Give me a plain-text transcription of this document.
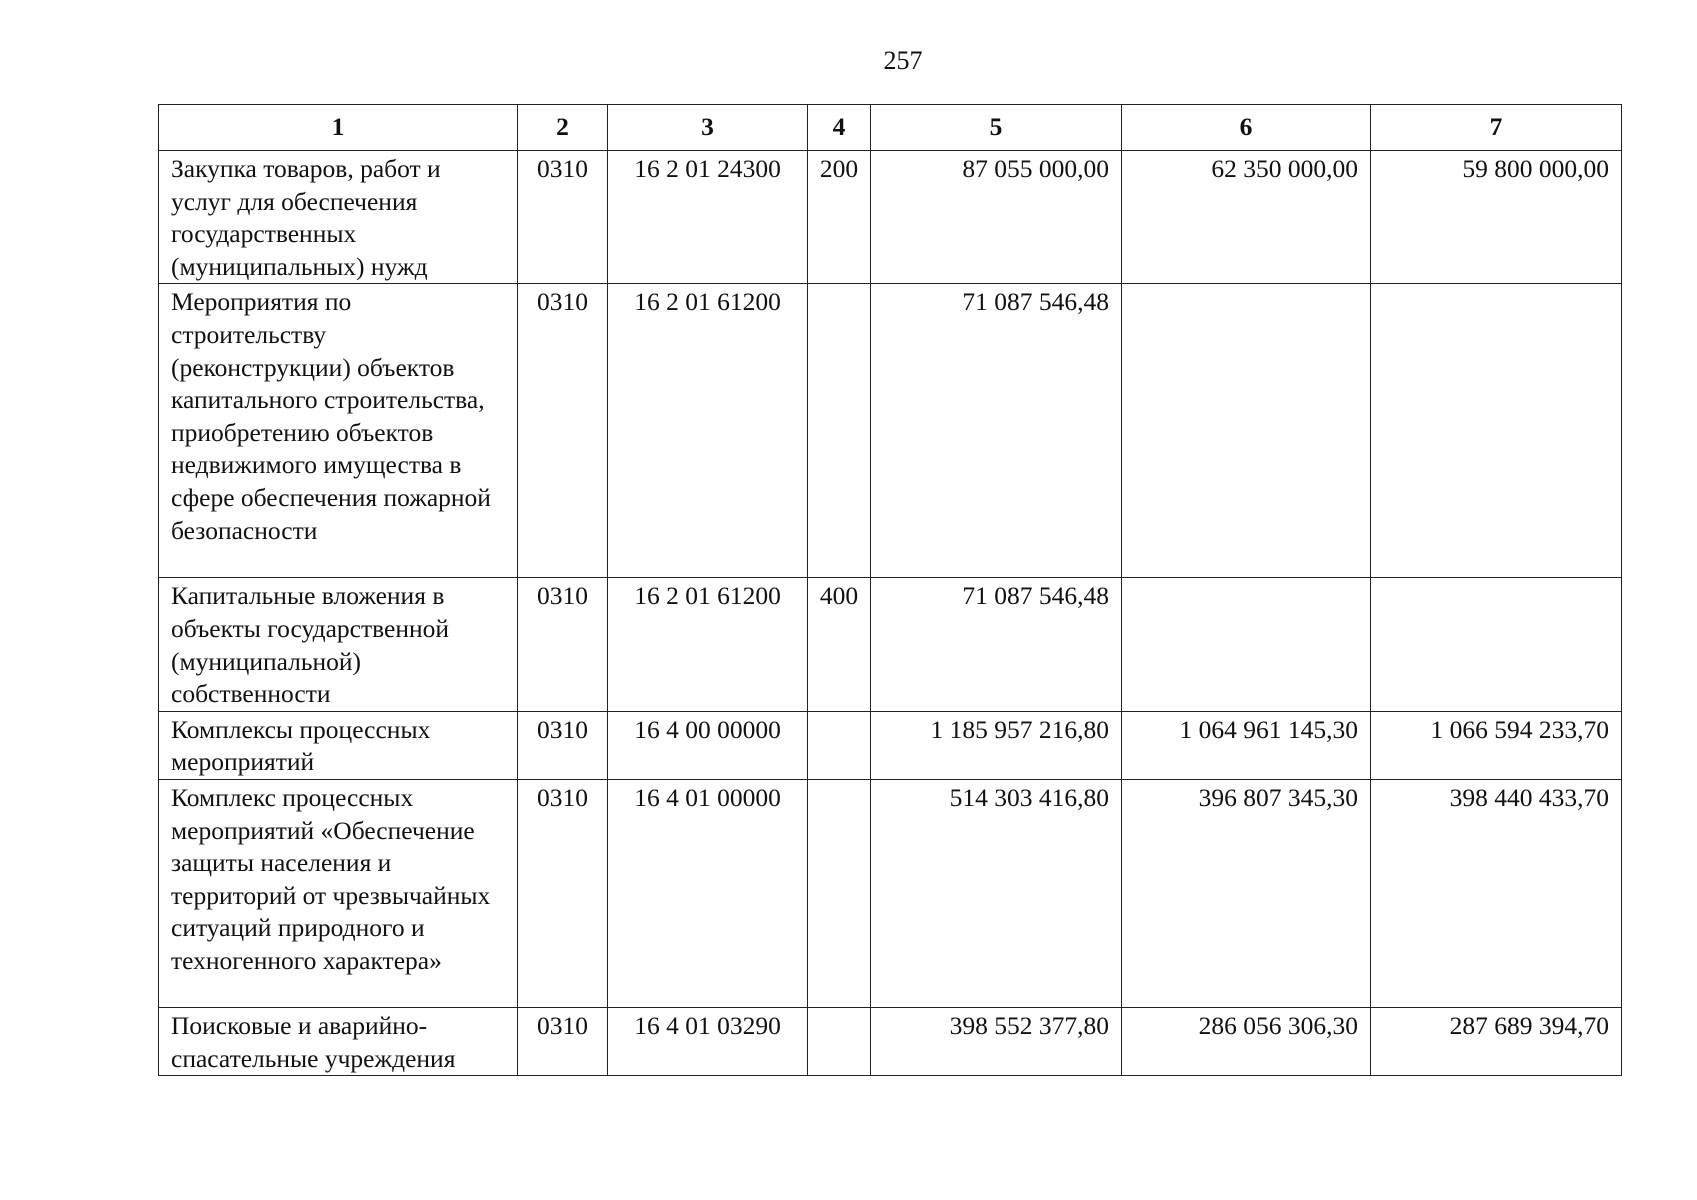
257
1	2	3	4	5	6	7
Закупка товаров, работ и услуг для обеспечения государственных (муниципальных) нужд	0310	16 2 01 24300	200	87 055 000,00	62 350 000,00	59 800 000,00
Мероприятия по строительству (реконструкции) объектов капитального строительства, приобретению объектов недвижимого имущества в сфере обеспечения пожарной безопасности	0310	16 2 01 61200		71 087 546,48		
Капитальные вложения в объекты государственной (муниципальной) собственности	0310	16 2 01 61200	400	71 087 546,48		
Комплексы процессных мероприятий	0310	16 4 00 00000		1 185 957 216,80	1 064 961 145,30	1 066 594 233,70
Комплекс процессных мероприятий «Обеспечение защиты населения и территорий от чрезвычайных ситуаций природного и техногенного характера»	0310	16 4 01 00000		514 303 416,80	396 807 345,30	398 440 433,70
Поисковые и аварийно-спасательные учреждения	0310	16 4 01 03290		398 552 377,80	286 056 306,30	287 689 394,70
